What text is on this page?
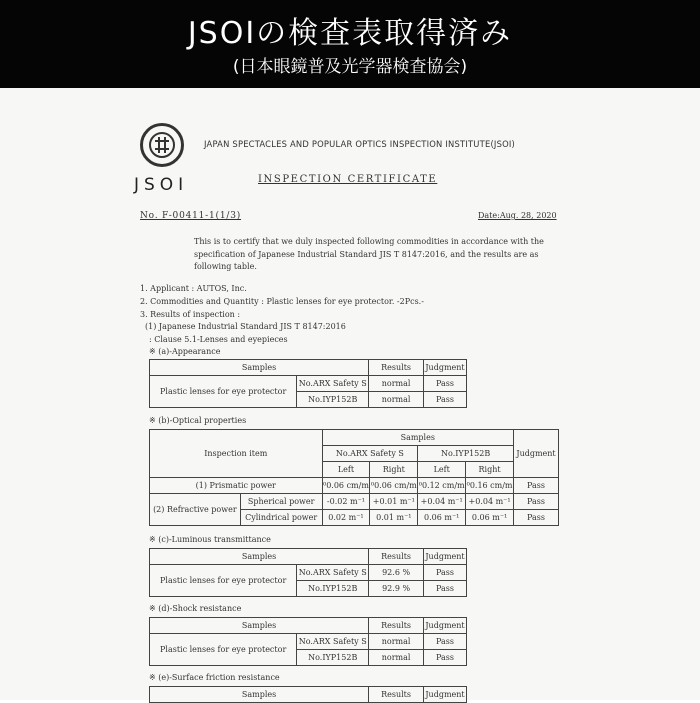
JSOIの検査表取得済み
(日本眼鏡普及光学器検査協会)
JSOI
JAPAN SPECTACLES AND POPULAR OPTICS INSPECTION INSTITUTE(JSOI)
INSPECTION CERTIFICATE
No. F-00411-1(1/3)	Date:Aug. 28, 2020
This is to certify that we duly inspected following commodities in accordance with the specification of Japanese Industrial Standard JIS T 8147:2016, and the results are as following table.
1. Applicant : AUTOS, Inc.
2. Commodities and Quantity : Plastic lenses for eye protector. -2Pcs.-
3. Results of inspection :
(1) Japanese Industrial Standard JIS T 8147:2016
: Clause 5.1-Lenses and eyepieces
※ (a)-Appearance
Samples		Results	Judgment
Plastic lenses for eye protector	No.ARX Safety S	normal	Pass
	No.IYP152B	normal	Pass
※ (b)-Optical properties
Inspection item		Samples				Judgment
		No.ARX Safety S		No.IYP152B		
		Left	Right	Left	Right	
(1) Prismatic power		⁰0.06 cm/m	⁰0.06 cm/m	⁰0.12 cm/m	⁰0.16 cm/m	Pass
(2) Refractive power	Spherical power	-0.02 m⁻¹	+0.01 m⁻¹	+0.04 m⁻¹	+0.04 m⁻¹	Pass
	Cylindrical power	0.02 m⁻¹	0.01 m⁻¹	0.06 m⁻¹	0.06 m⁻¹	Pass
※ (c)-Luminous transmittance
Samples		Results	Judgment
Plastic lenses for eye protector	No.ARX Safety S	92.6 %	Pass
	No.IYP152B	92.9 %	Pass
※ (d)-Shock resistance
Samples		Results	Judgment
Plastic lenses for eye protector	No.ARX Safety S	normal	Pass
	No.IYP152B	normal	Pass
※ (e)-Surface friction resistance
Samples	Results	Judgment
